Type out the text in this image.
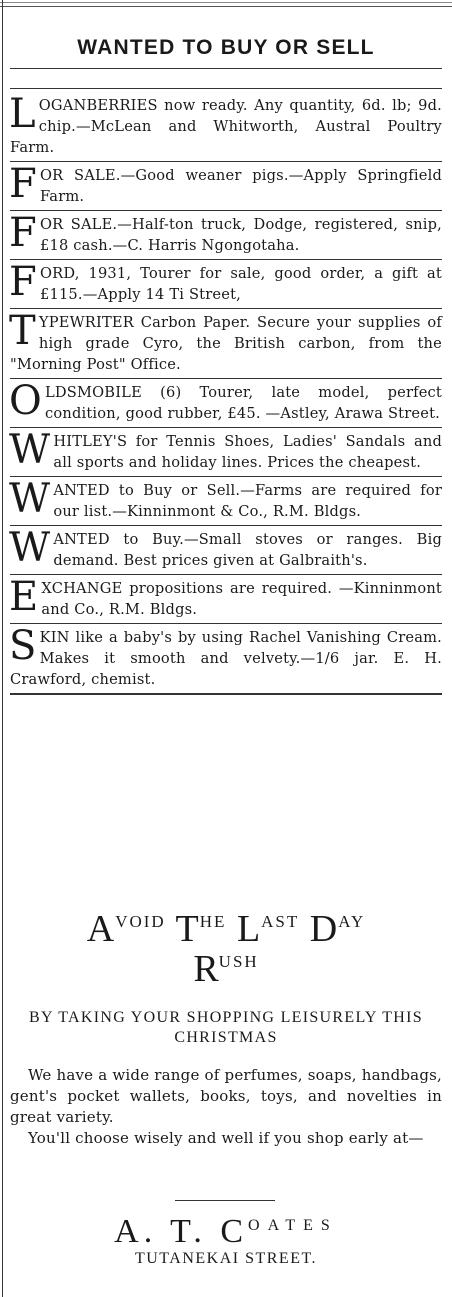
WANTED TO BUY OR SELL
LOGANBERRIES now ready. Any quantity, 6d. lb; 9d. chip.—McLean and Whitworth, Austral Poultry Farm.
FOR SALE.—Good weaner pigs.—Apply Springfield Farm.
FOR SALE.—Half-ton truck, Dodge, registered, snip, £18 cash.—C. Harris Ngongotaha.
FORD, 1931, Tourer for sale, good order, a gift at £115.—Apply 14 Ti Street,
TYPEWRITER Carbon Paper. Secure your supplies of high grade Cyro, the British carbon, from the "Morning Post" Office.
OLDSMOBILE (6) Tourer, late model, perfect condition, good rubber, £45. —Astley, Arawa Street.
WHITLEY'S for Tennis Shoes, Ladies' Sandals and all sports and holiday lines. Prices the cheapest.
WANTED to Buy or Sell.—Farms are required for our list.—Kinninmont & Co., R.M. Bldgs.
WANTED to Buy.—Small stoves or ranges. Big demand. Best prices given at Galbraith's.
EXCHANGE propositions are required. —Kinninmont and Co., R.M. Bldgs.
SKIN like a baby's by using Rachel Vanishing Cream. Makes it smooth and velvety.—1/6 jar. E. H. Crawford, chemist.
$A^{VOID}$ $T^{HE}$ $L^{AST}$ $D^{AY}$
$R^{USH}$
BY TAKING YOUR SHOPPING LEISURELY THIS CHRISTMAS

We have a wide range of perfumes, soaps, handbags, gent's pocket wallets, books, toys, and novelties in great variety.

You'll choose wisely and well if you shop early at—

A. T. $C^{OATES}$
TUTANEKAI STREET.
